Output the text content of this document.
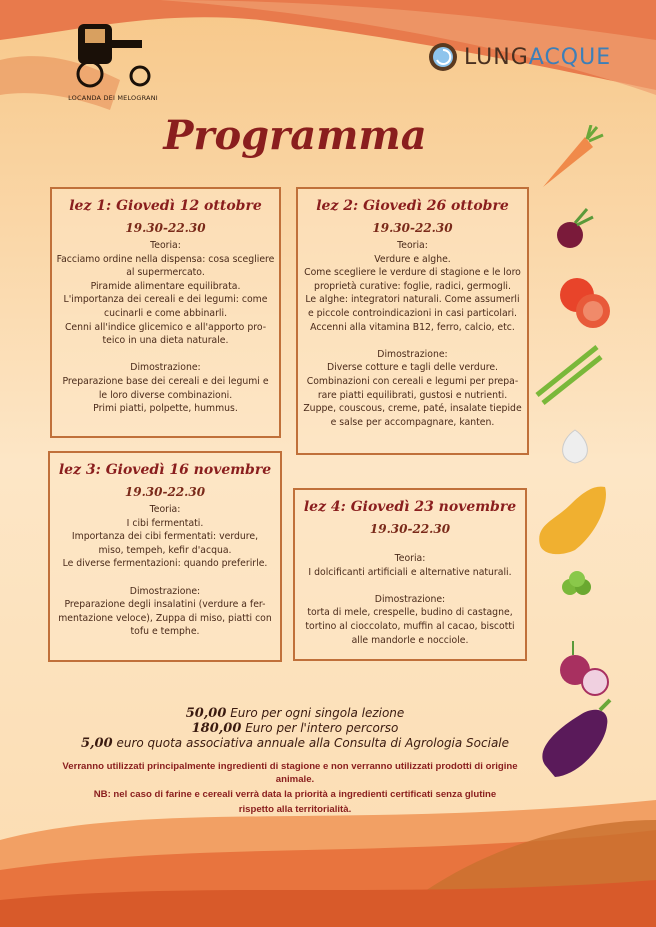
LOCANDA DEI MELOGRANI
LUNGACQUE
Programma
lez 1: Giovedì 12 ottobre
19.30-22.30
Teoria:
Facciamo ordine nella dispensa: cosa scegliere
al supermercato.
Piramide alimentare equilibrata.
L'importanza dei cereali e dei legumi: come
cucinarli e come abbinarli.
Cenni all'indice glicemico e all'apporto pro-
teico in una dieta naturale.
Dimostrazione:
Preparazione base dei cereali e dei legumi e
le loro diverse combinazioni.
Primi piatti, polpette, hummus.
lez 2: Giovedì 26 ottobre
19.30-22.30
Teoria:
Verdure e alghe.
Come scegliere le verdure di stagione e le loro
proprietà curative: foglie, radici, germogli.
Le alghe: integratori naturali. Come assumerli
e piccole controindicazioni in casi particolari.
Accenni alla vitamina B12, ferro, calcio, etc.
Dimostrazione:
Diverse cotture e tagli delle verdure.
Combinazioni con cereali e legumi per prepa-
rare piatti equilibrati, gustosi e nutrienti.
Zuppe, couscous, creme, paté, insalate tiepide
e salse per accompagnare, kanten.
lez 3: Giovedì 16 novembre
19.30-22.30
Teoria:
I cibi fermentati.
Importanza dei cibi fermentati: verdure,
miso, tempeh, kefir d'acqua.
Le diverse fermentazioni: quando preferirle.
Dimostrazione:
Preparazione degli insalatini (verdure a fer-
mentazione veloce), Zuppa di miso, piatti con
tofu e temphe.
lez 4: Giovedì 23 novembre
19.30-22.30
Teoria:
I dolcificanti artificiali e alternative naturali.
Dimostrazione:
torta di mele, crespelle, budino di castagne,
tortino al cioccolato, muffin al cacao, biscotti
alle mandorle e nocciole.
50,00 Euro per ogni singola lezione
180,00 Euro per l'intero percorso
5,00 euro quota associativa annuale alla Consulta di Agrologia Sociale
Verranno utilizzati principalmente ingredienti di stagione e non verranno utilizzati prodotti di origine
animale.
NB: nel caso di farine e cereali verrà data la priorità a ingredienti certificati senza glutine
rispetto alla territorialità.
